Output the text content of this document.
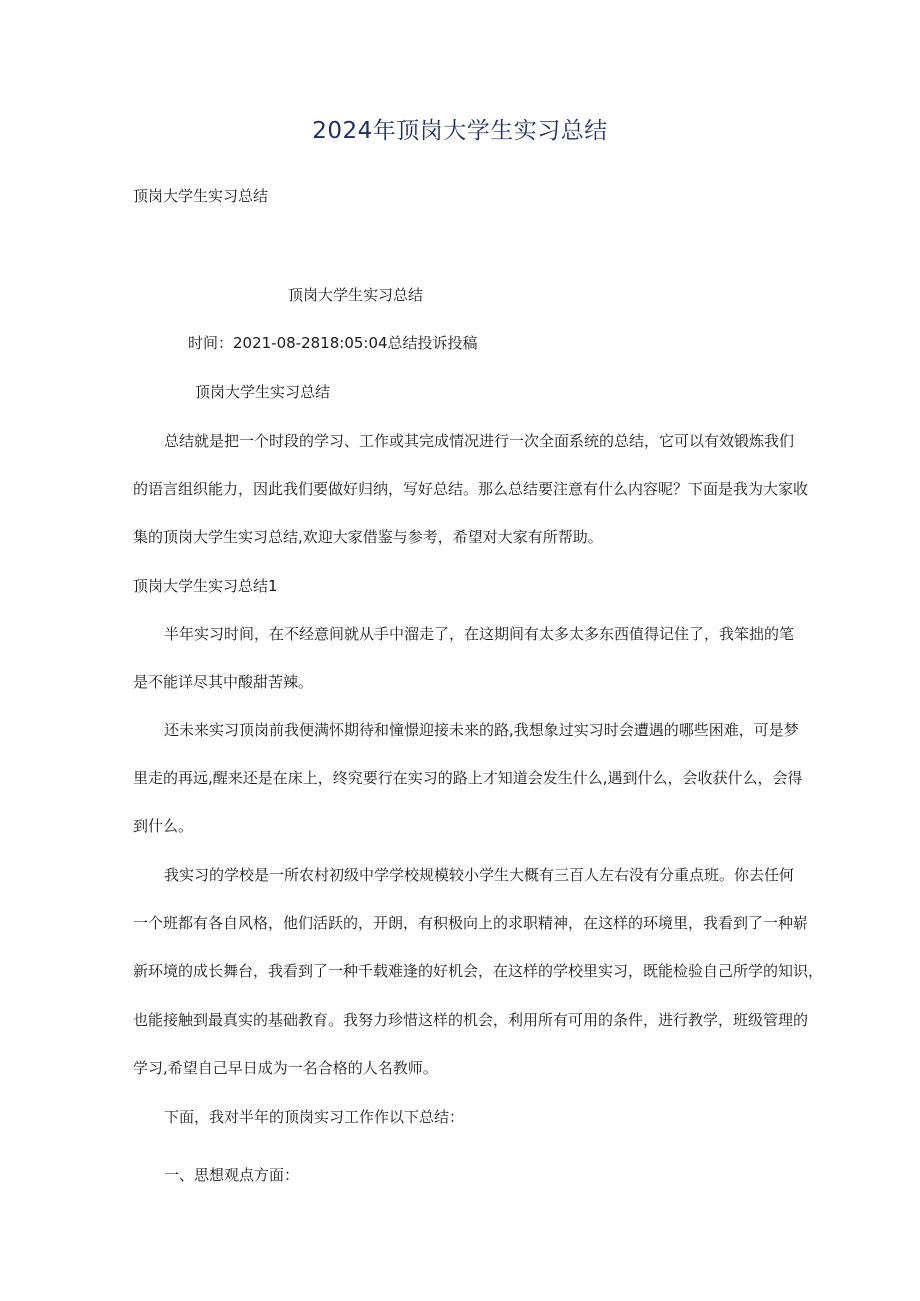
2024年顶岗大学生实习总结
顶岗大学生实习总结
顶岗大学生实习总结
时间：2021-08-2818:05:04总结投诉投稿
顶岗大学生实习总结
总结就是把一个时段的学习、工作或其完成情况进行一次全面系统的总结，它可以有效锻炼我们
的语言组织能力，因此我们要做好归纳，写好总结。那么总结要注意有什么内容呢？下面是我为大家收
集的顶岗大学生实习总结,欢迎大家借鉴与参考，希望对大家有所帮助。
顶岗大学生实习总结1
半年实习时间，在不经意间就从手中溜走了，在这期间有太多太多东西值得记住了，我笨拙的笔
是不能详尽其中酸甜苦辣。
还未来实习顶岗前我便满怀期待和憧憬迎接未来的路,我想象过实习时会遭遇的哪些困难，可是梦
里走的再远,醒来还是在床上，终究要行在实习的路上才知道会发生什么,遇到什么，会收获什么，会得
到什么。
我实习的学校是一所农村初级中学学校规模较小学生大概有三百人左右没有分重点班。你去任何
一个班都有各自风格，他们活跃的，开朗，有积极向上的求职精神，在这样的环境里，我看到了一种崭
新环境的成长舞台，我看到了一种千载难逢的好机会，在这样的学校里实习，既能检验自己所学的知识，
也能接触到最真实的基础教育。我努力珍惜这样的机会，利用所有可用的条件，进行教学，班级管理的
学习,希望自己早日成为一名合格的人名教师。
下面，我对半年的顶岗实习工作作以下总结：
一、思想观点方面：
